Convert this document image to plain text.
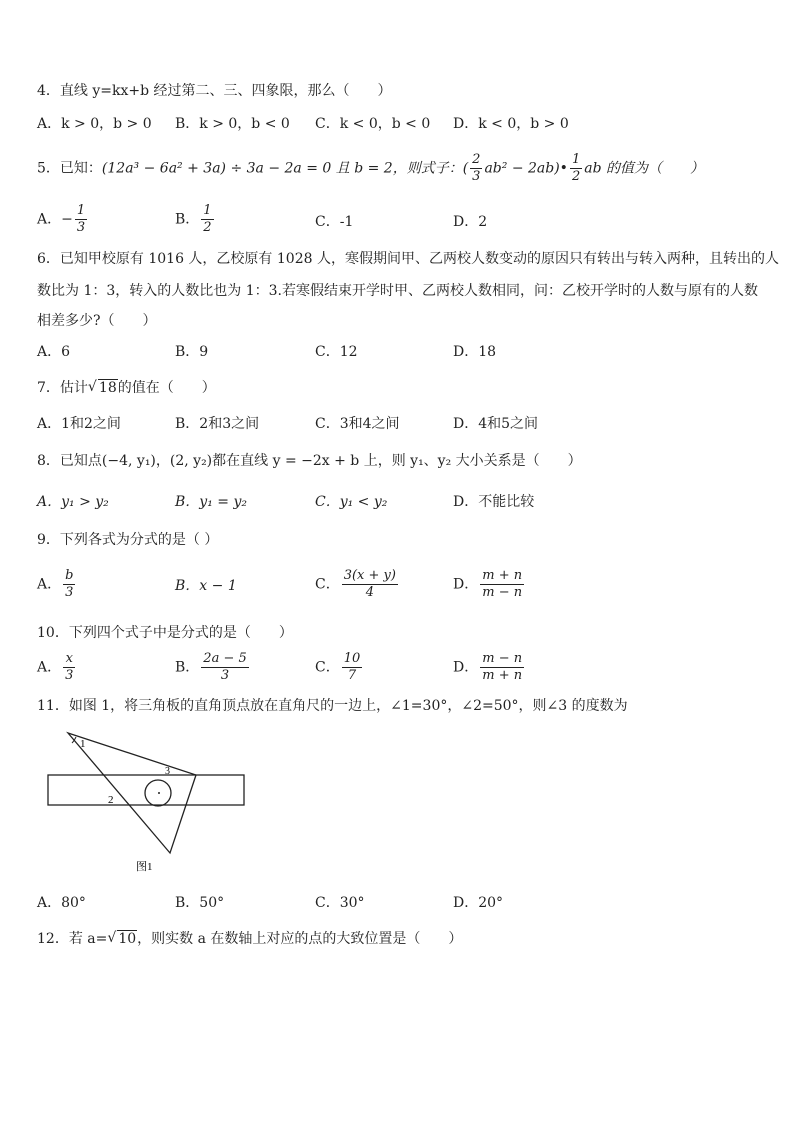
4．直线 y=kx+b 经过第二、三、四象限，那么（　　）
A．k > 0，b > 0 B．k > 0，b < 0 C．k < 0，b < 0 D．k < 0，b > 0
5．已知：(12a³ − 6a² + 3a) ÷ 3a − 2a = 0 且 b = 2，则式子：( $\frac{2}{3} ab^2$ − 2ab)• $\frac{1}{2}$ ab 的值为（　　）
A．− $\frac{1}{3}$	B． $\frac{1}{2}$	C．-1	D．2
6．已知甲校原有 1016 人，乙校原有 1028 人，寒假期间甲、乙两校人数变动的原因只有转出与转入两种，且转出的人
数比为 1：3，转入的人数比也为 1：3.若寒假结束开学时甲、乙两校人数相同，问：乙校开学时的人数与原有的人数
相差多少?（　　）
A．6	B．9	C．12	D．18
7．估计 √ 18的值在（　　）
A．1和2之间	B．2和3之间	C．3和4之间	D．4和5之间
8．已知点(−4, y₁)，(2, y₂)都在直线 y = −2x + b 上，则 y₁、y₂ 大小关系是（　　）
A．y₁ > y₂	B．y₁ = y₂	C．y₁ < y₂	D．不能比较
9．下列各式为分式的是（ ）
A． $\frac{b}{3}$	B．x − 1	C． $\frac{3(x + y)}{4}$	D． $\frac{m + n}{m - n}$
10．下列四个式子中是分式的是（　　）
A． $\frac{x}{3}$	B． $\frac{2a - 5}{3}$	C． $\frac{10}{7}$	D． $\frac{m - n}{m + n}$
11．如图 1，将三角板的直角顶点放在直角尺的一边上，∠1=30°，∠2=50°，则∠3 的度数为
1
2
3
图1
A．80°	B．50°	C．30°	D．20°
12．若 a= √ 10，则实数 a 在数轴上对应的点的大致位置是（　　）
